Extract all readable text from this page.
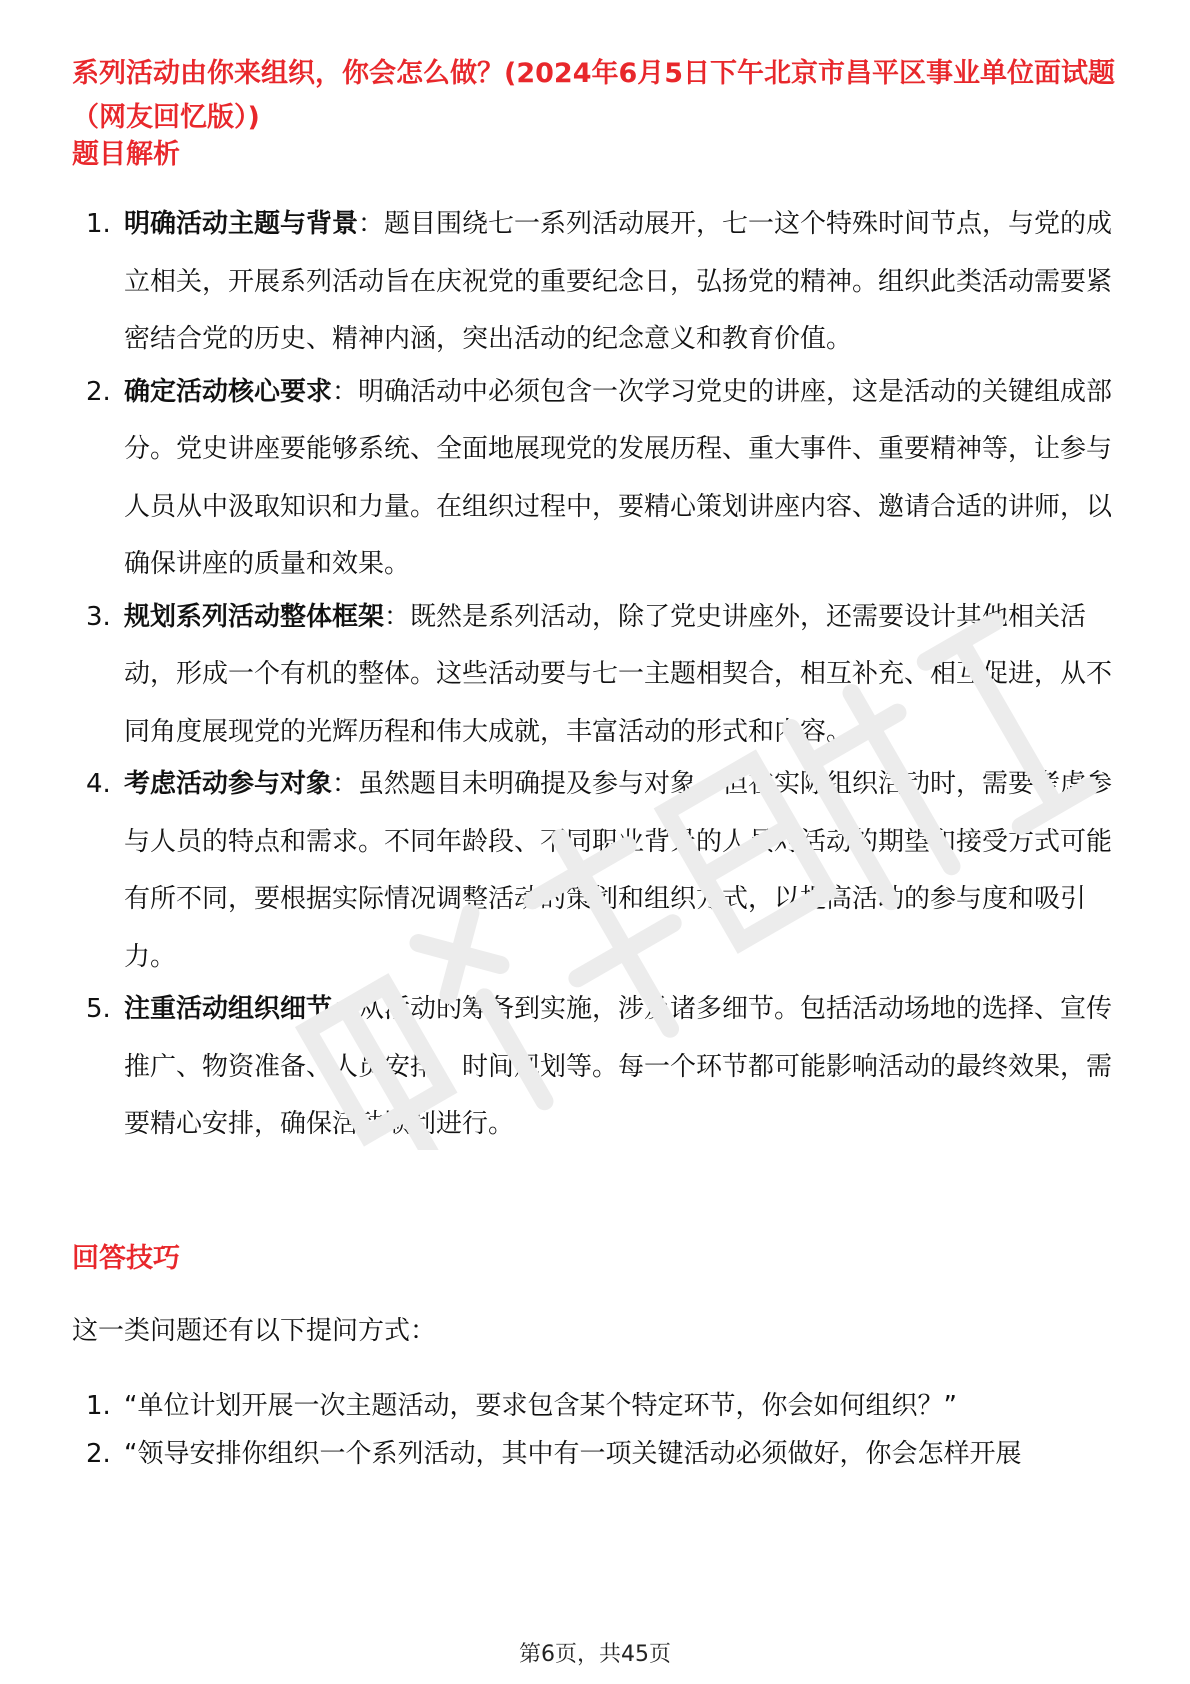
系列活动由你来组织，你会怎么做？(2024年6月5日下午北京市昌平区事业单位面试题（网友回忆版）)
题目解析
1. 明确活动主题与背景：题目围绕七一系列活动展开，七一这个特殊时间节点，与党的成立相关，开展系列活动旨在庆祝党的重要纪念日，弘扬党的精神。组织此类活动需要紧密结合党的历史、精神内涵，突出活动的纪念意义和教育价值。
2. 确定活动核心要求：明确活动中必须包含一次学习党史的讲座，这是活动的关键组成部分。党史讲座要能够系统、全面地展现党的发展历程、重大事件、重要精神等，让参与人员从中汲取知识和力量。在组织过程中，要精心策划讲座内容、邀请合适的讲师，以确保讲座的质量和效果。
3. 规划系列活动整体框架：既然是系列活动，除了党史讲座外，还需要设计其他相关活动，形成一个有机的整体。这些活动要与七一主题相契合，相互补充、相互促进，从不同角度展现党的光辉历程和伟大成就，丰富活动的形式和内容。
4. 考虑活动参与对象：虽然题目未明确提及参与对象，但在实际组织活动时，需要考虑参与人员的特点和需求。不同年龄段、不同职业背景的人员对活动的期望和接受方式可能有所不同，要根据实际情况调整活动的策划和组织方式，以提高活动的参与度和吸引力。
5. 注重活动组织细节：从活动的筹备到实施，涉及诸多细节。包括活动场地的选择、宣传推广、物资准备、人员安排、时间规划等。每一个环节都可能影响活动的最终效果，需要精心安排，确保活动顺利进行。
回答技巧
这一类问题还有以下提问方式：
1. “单位计划开展一次主题活动，要求包含某个特定环节，你会如何组织？”
2. “领导安排你组织一个系列活动，其中有一项关键活动必须做好，你会怎样开展
第6页，共45页
